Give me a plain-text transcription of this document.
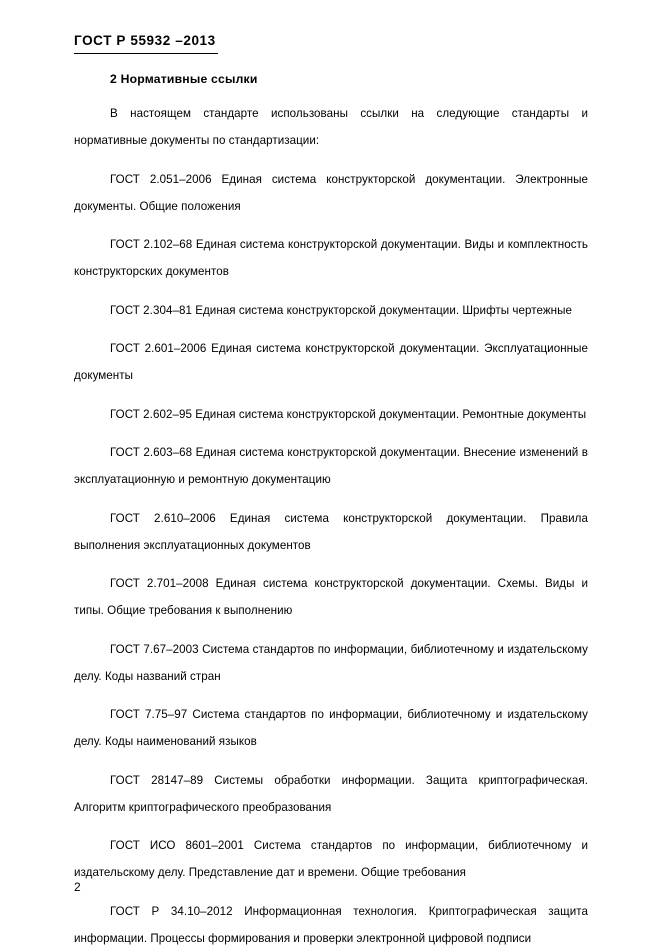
ГОСТ Р 55932 –2013
2 Нормативные ссылки

В настоящем стандарте использованы ссылки на следующие стандарты и нормативные документы по стандартизации:

ГОСТ 2.051–2006 Единая система конструкторской документации. Электронные документы. Общие положения

ГОСТ 2.102–68 Единая система конструкторской документации. Виды и комплектность конструкторских документов

ГОСТ 2.304–81 Единая система конструкторской документации. Шрифты чертежные

ГОСТ 2.601–2006 Единая система конструкторской документации. Эксплуатационные документы

ГОСТ 2.602–95 Единая система конструкторской документации. Ремонтные документы

ГОСТ 2.603–68 Единая система конструкторской документации. Внесение изменений в эксплуатационную и ремонтную документацию

ГОСТ 2.610–2006 Единая система конструкторской документации. Правила выполнения эксплуатационных документов

ГОСТ 2.701–2008 Единая система конструкторской документации. Схемы. Виды и типы. Общие требования к выполнению

ГОСТ 7.67–2003 Система стандартов по информации, библиотечному и издательскому делу. Коды названий стран

ГОСТ 7.75–97 Система стандартов по информации, библиотечному и издательскому делу. Коды наименований языков

ГОСТ 28147–89 Системы обработки информации. Защита криптографическая. Алгоритм криптографического преобразования

ГОСТ ИСО 8601–2001 Система стандартов по информации, библиотечному и издательскому делу. Представление дат и времени. Общие требования

ГОСТ Р 34.10–2012 Информационная технология. Криптографическая защита информации. Процессы формирования и проверки электронной цифровой подписи

2
